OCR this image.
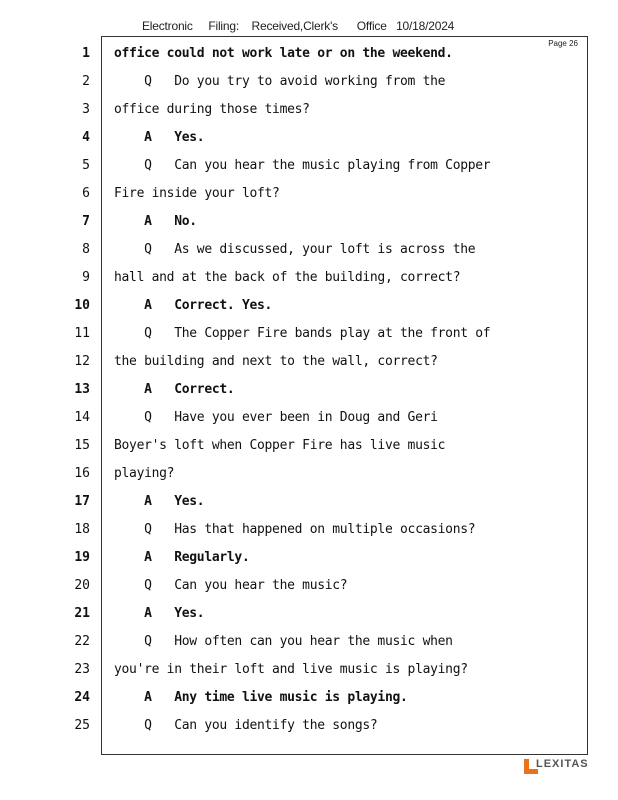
Electronic     Filing:    Received,Clerk's      Office   10/18/2024
Page 26
1 office could not work late or on the weekend.
2 Q   Do you try to avoid working from the
3 office during those times?
4 A   Yes.
5 Q   Can you hear the music playing from Copper
6 Fire inside your loft?
7 A   No.
8 Q   As we discussed, your loft is across the
9 hall and at the back of the building, correct?
10 A   Correct. Yes.
11 Q   The Copper Fire bands play at the front of
12 the building and next to the wall, correct?
13 A   Correct.
14 Q   Have you ever been in Doug and Geri
15 Boyer's loft when Copper Fire has live music
16 playing?
17 A   Yes.
18 Q   Has that happened on multiple occasions?
19 A   Regularly.
20 Q   Can you hear the music?
21 A   Yes.
22 Q   How often can you hear the music when
23 you're in their loft and live music is playing?
24 A   Any time live music is playing.
25 Q   Can you identify the songs?
LEXITAS
